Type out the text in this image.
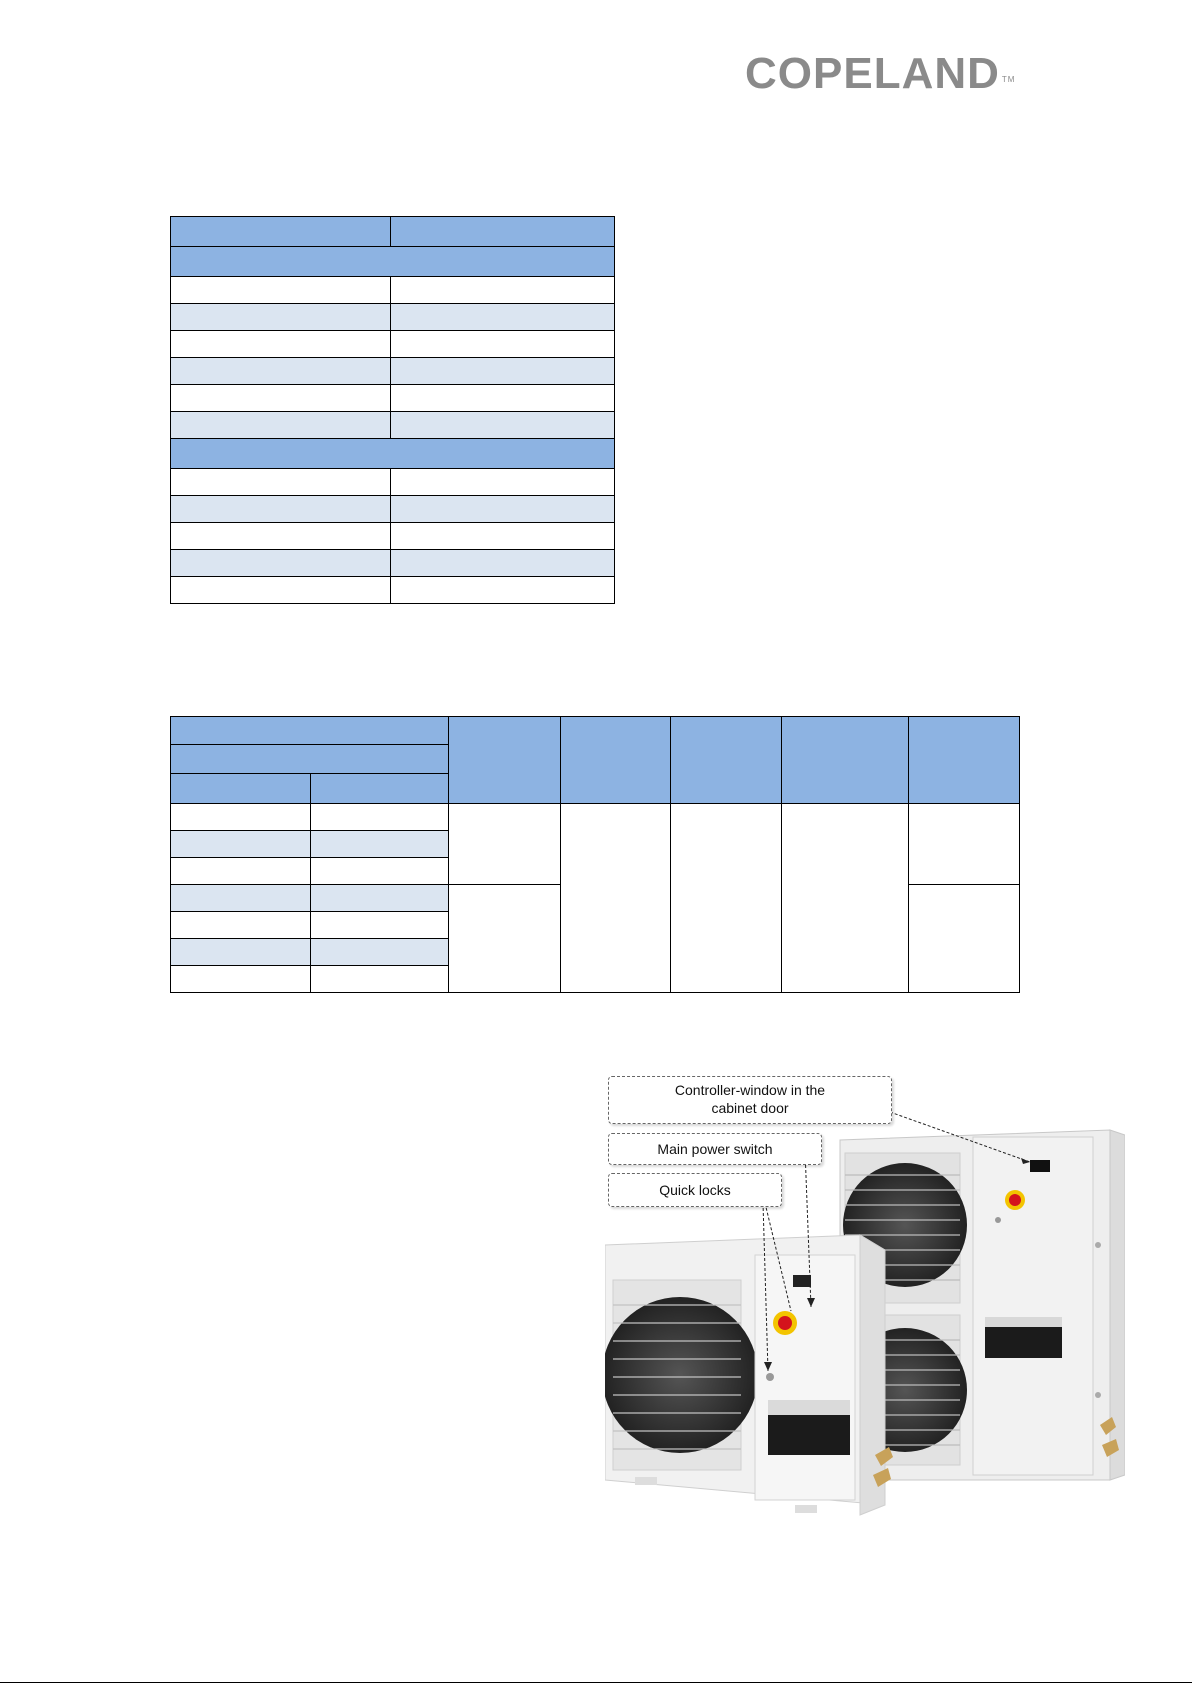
COPELAND ™

Controller-window in the
cabinet door
Main power switch
Quick locks
